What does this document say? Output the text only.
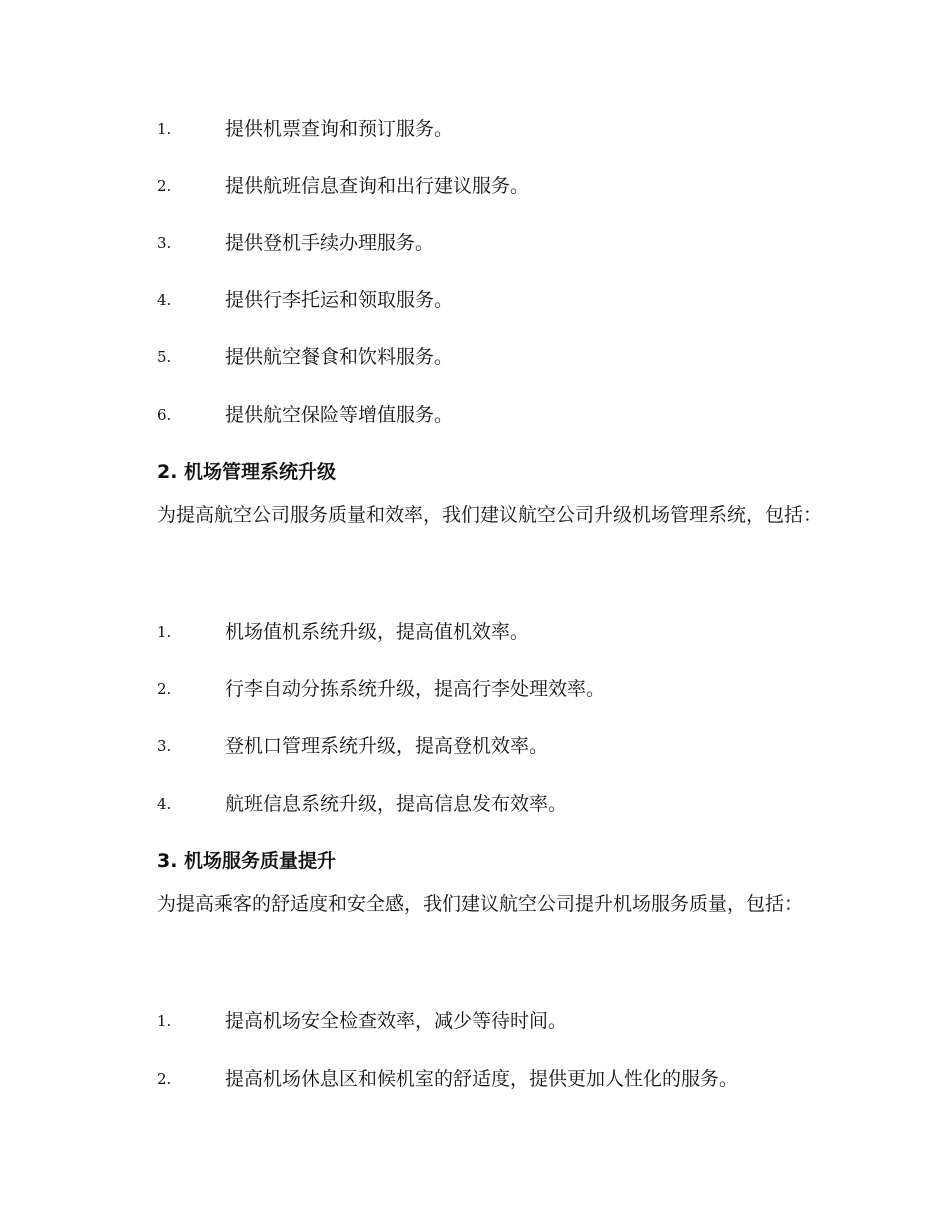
1.	提供机票查询和预订服务。
2.	提供航班信息查询和出行建议服务。
3.	提供登机手续办理服务。
4.	提供行李托运和领取服务。
5.	提供航空餐食和饮料服务。
6.	提供航空保险等增值服务。
2. 机场管理系统升级

为提高航空公司服务质量和效率，我们建议航空公司升级机场管理系统，包括：

1.	机场值机系统升级，提高值机效率。
2.	行李自动分拣系统升级，提高行李处理效率。
3.	登机口管理系统升级，提高登机效率。
4.	航班信息系统升级，提高信息发布效率。
3. 机场服务质量提升

为提高乘客的舒适度和安全感，我们建议航空公司提升机场服务质量，包括：

1.	提高机场安全检查效率，减少等待时间。
2.	提高机场休息区和候机室的舒适度，提供更加人性化的服务。
